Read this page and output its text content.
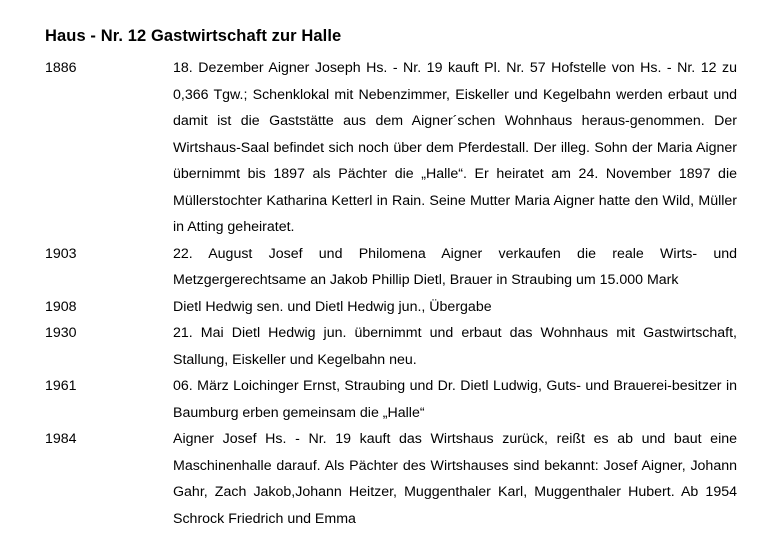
Haus - Nr. 12 Gastwirtschaft zur Halle
1886	18. Dezember Aigner Joseph Hs. - Nr. 19 kauft Pl. Nr. 57 Hofstelle von Hs. - Nr. 12 zu 0,366 Tgw.; Schenklokal mit Nebenzimmer, Eiskeller und Kegelbahn werden erbaut und damit ist die Gaststätte aus dem Aigner´schen Wohnhaus heraus-genommen. Der Wirtshaus-Saal befindet sich noch über dem Pferdestall. Der illeg. Sohn der Maria Aigner übernimmt bis 1897 als Pächter die „Halle“. Er heiratet am 24. November 1897 die Müllerstochter Katharina Ketterl in Rain. Seine Mutter Maria Aigner hatte den Wild, Müller in Atting geheiratet.
1903	22. August Josef und Philomena Aigner verkaufen die reale Wirts- und Metzgergerechtsame an Jakob Phillip Dietl, Brauer in Straubing um 15.000 Mark
1908	Dietl Hedwig sen. und Dietl Hedwig jun., Übergabe
1930	21. Mai Dietl Hedwig jun. übernimmt und erbaut das Wohnhaus mit Gastwirtschaft, Stallung, Eiskeller und Kegelbahn neu.
1961	06. März Loichinger Ernst, Straubing und Dr. Dietl Ludwig, Guts- und Brauerei-besitzer in Baumburg erben gemeinsam die „Halle“
1984	Aigner Josef Hs. - Nr. 19 kauft das Wirtshaus zurück, reißt es ab und baut eine Maschinenhalle darauf. Als Pächter des Wirtshauses sind bekannt: Josef Aigner, Johann Gahr, Zach Jakob,Johann Heitzer, Muggenthaler Karl, Muggenthaler Hubert. Ab 1954 Schrock Friedrich und Emma
